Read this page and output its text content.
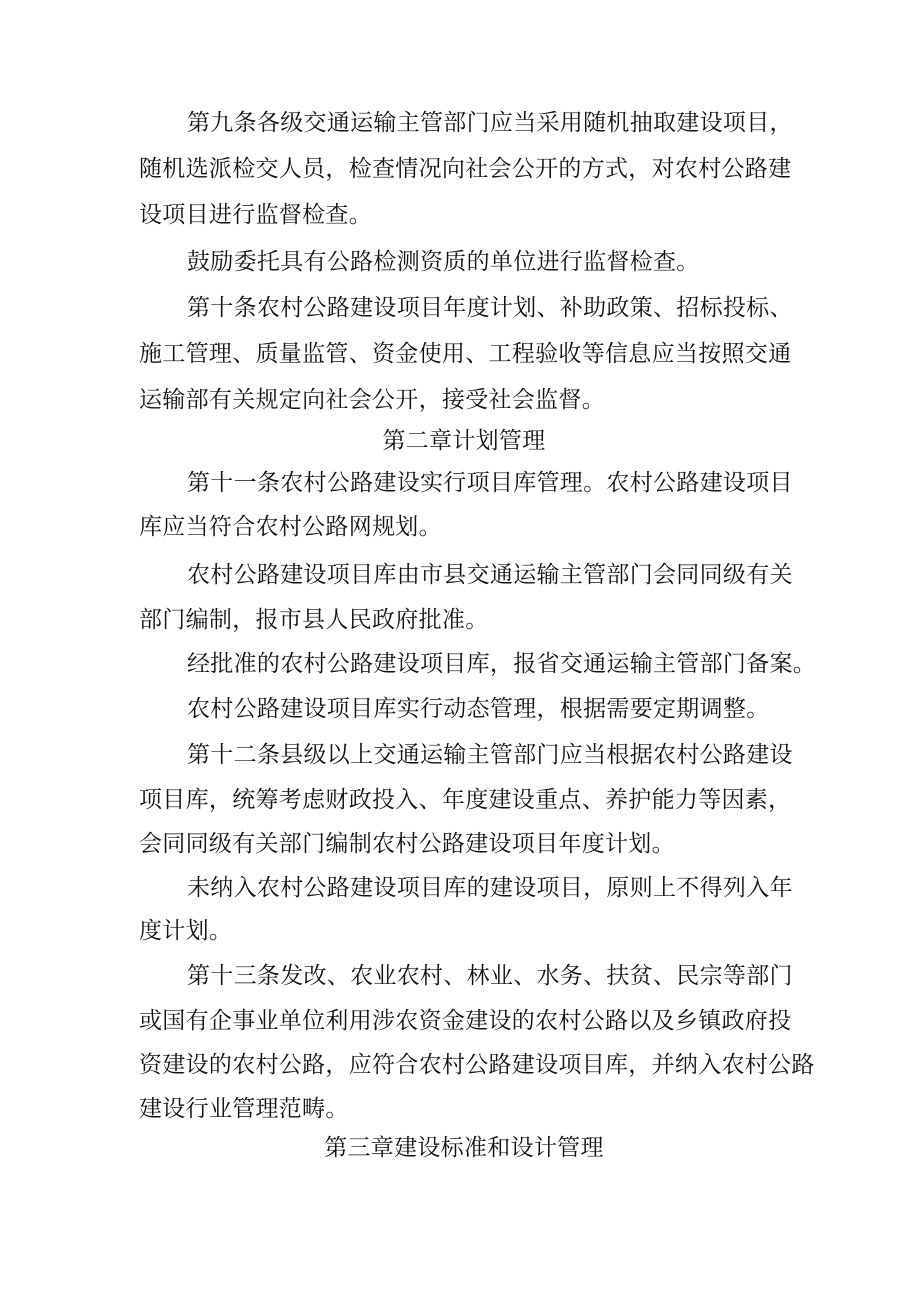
第九条各级交通运输主管部门应当采用随机抽取建设项目，
随机选派检交人员，检查情况向社会公开的方式，对农村公路建
设项目进行监督检查。
鼓励委托具有公路检测资质的单位进行监督检查。
第十条农村公路建设项目年度计划、补助政策、招标投标、
施工管理、质量监管、资金使用、工程验收等信息应当按照交通
运输部有关规定向社会公开，接受社会监督。
第二章计划管理
第十一条农村公路建设实行项目库管理。农村公路建设项目
库应当符合农村公路网规划。
农村公路建设项目库由市县交通运输主管部门会同同级有关
部门编制，报市县人民政府批准。
经批准的农村公路建设项目库，报省交通运输主管部门备案。
农村公路建设项目库实行动态管理，根据需要定期调整。
第十二条县级以上交通运输主管部门应当根据农村公路建设
项目库，统筹考虑财政投入、年度建设重点、养护能力等因素，
会同同级有关部门编制农村公路建设项目年度计划。
未纳入农村公路建设项目库的建设项目，原则上不得列入年
度计划。
第十三条发改、农业农村、林业、水务、扶贫、民宗等部门
或国有企事业单位利用涉农资金建设的农村公路以及乡镇政府投
资建设的农村公路，应符合农村公路建设项目库，并纳入农村公路
建设行业管理范畴。
第三章建设标准和设计管理
